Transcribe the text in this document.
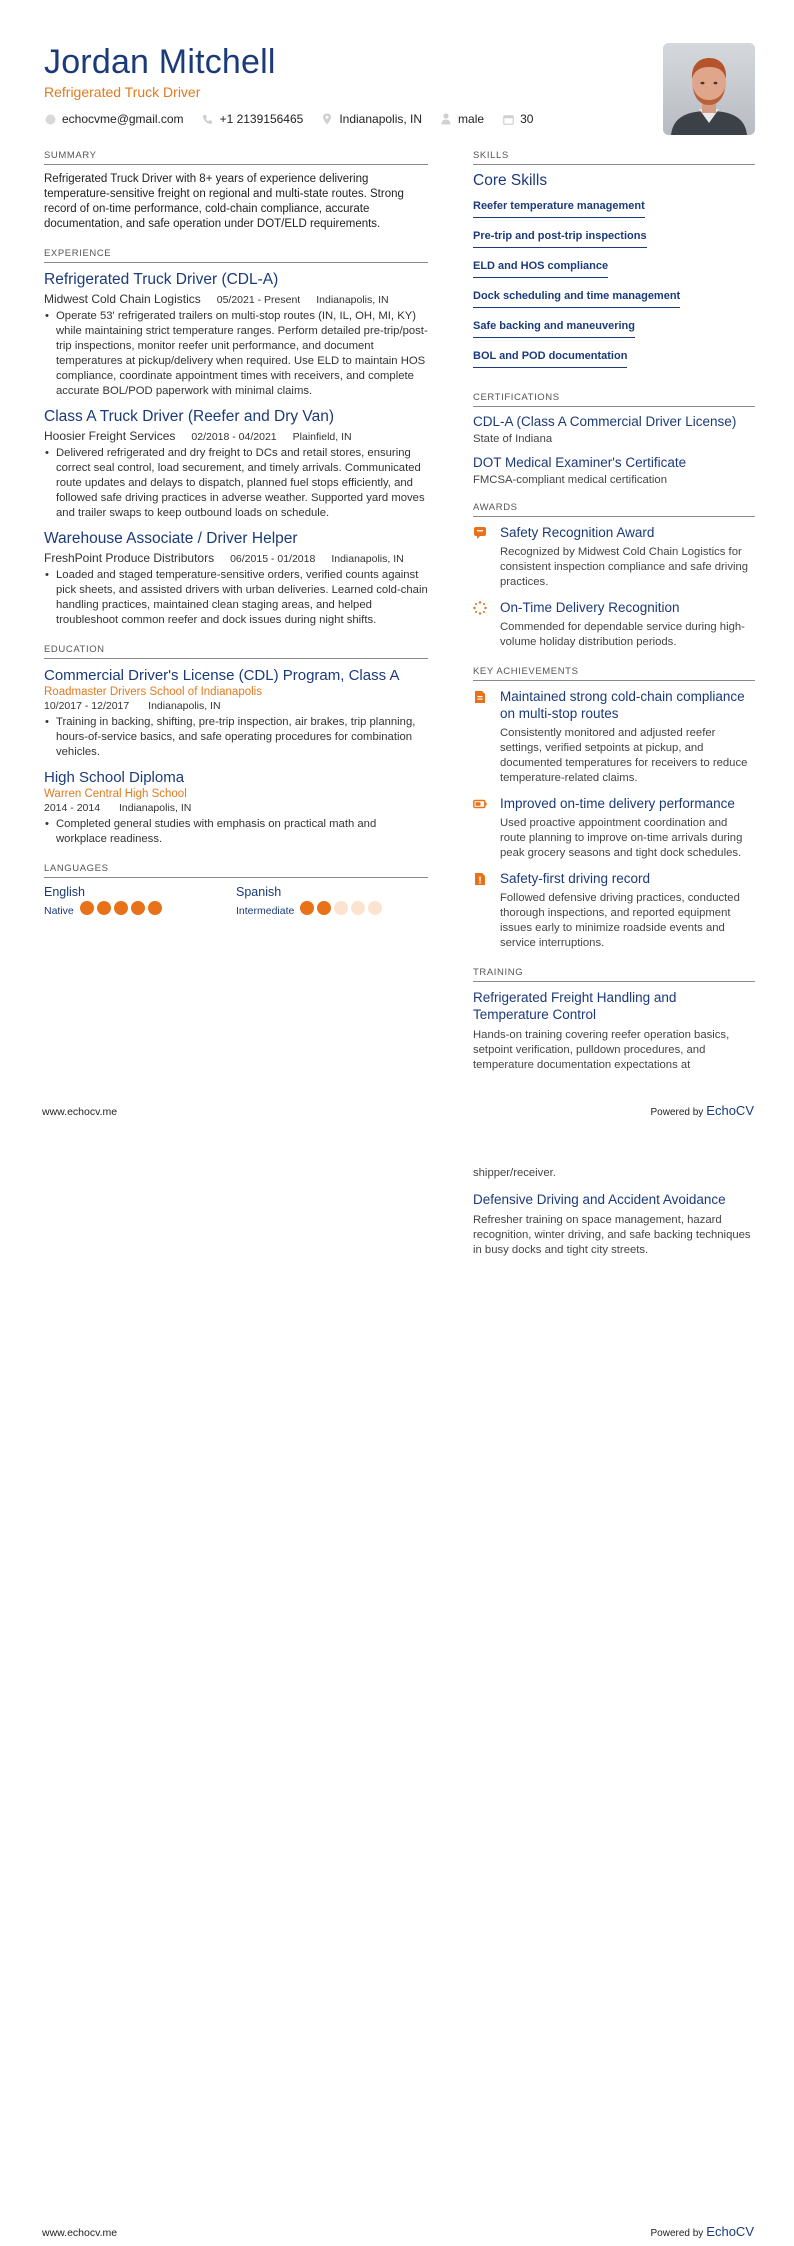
Jordan Mitchell
Refrigerated Truck Driver
echocvme@gmail.com	+1 2139156465	Indianapolis, IN	male	30
SUMMARY

Refrigerated Truck Driver with 8+ years of experience delivering temperature-sensitive freight on regional and multi-state routes. Strong record of on-time performance, cold-chain compliance, accurate documentation, and safe operation under DOT/ELD requirements.

EXPERIENCE
Refrigerated Truck Driver (CDL-A)
Midwest Cold Chain Logistics 05/2021 - Present Indianapolis, IN
• Operate 53' refrigerated trailers on multi-stop routes (IN, IL, OH, MI, KY) while maintaining strict temperature ranges. Perform detailed pre-trip/post-trip inspections, monitor reefer unit performance, and document temperatures at pickup/delivery when required. Use ELD to maintain HOS compliance, coordinate appointment times with receivers, and complete accurate BOL/POD paperwork with minimal claims.
Class A Truck Driver (Reefer and Dry Van)
Hoosier Freight Services 02/2018 - 04/2021 Plainfield, IN
• Delivered refrigerated and dry freight to DCs and retail stores, ensuring correct seal control, load securement, and timely arrivals. Communicated route updates and delays to dispatch, planned fuel stops efficiently, and followed safe driving practices in adverse weather. Supported yard moves and trailer swaps to keep outbound loads on schedule.
Warehouse Associate / Driver Helper
FreshPoint Produce Distributors 06/2015 - 01/2018 Indianapolis, IN
• Loaded and staged temperature-sensitive orders, verified counts against pick sheets, and assisted drivers with urban deliveries. Learned cold-chain handling practices, maintained clean staging areas, and helped troubleshoot common reefer and dock issues during night shifts.
EDUCATION
Commercial Driver's License (CDL) Program, Class A
Roadmaster Drivers School of Indianapolis
10/2017 - 12/2017 Indianapolis, IN
• Training in backing, shifting, pre-trip inspection, air brakes, trip planning, hours-of-service basics, and safe operating procedures for combination vehicles.
High School Diploma
Warren Central High School
2014 - 2014 Indianapolis, IN
• Completed general studies with emphasis on practical math and workplace readiness.
LANGUAGES
English
Native
Spanish
Intermediate
SKILLS
Core Skills
Reefer temperature management
Pre-trip and post-trip inspections
ELD and HOS compliance
Dock scheduling and time management
Safe backing and maneuvering
BOL and POD documentation
CERTIFICATIONS
CDL-A (Class A Commercial Driver License)
State of Indiana
DOT Medical Examiner's Certificate
FMCSA-compliant medical certification
AWARDS
Safety Recognition Award
Recognized by Midwest Cold Chain Logistics for consistent inspection compliance and safe driving practices.
On-Time Delivery Recognition
Commended for dependable service during high-volume holiday distribution periods.
KEY ACHIEVEMENTS
Maintained strong cold-chain compliance on multi-stop routes
Consistently monitored and adjusted reefer settings, verified setpoints at pickup, and documented temperatures for receivers to reduce temperature-related claims.
Improved on-time delivery performance
Used proactive appointment coordination and route planning to improve on-time arrivals during peak grocery seasons and tight dock schedules.
Safety-first driving record
Followed defensive driving practices, conducted thorough inspections, and reported equipment issues early to minimize roadside events and service interruptions.
TRAINING
Refrigerated Freight Handling and Temperature Control
Hands-on training covering reefer operation basics, setpoint verification, pulldown procedures, and temperature documentation expectations at
www.echocv.me	Powered by EchoCV
shipper/receiver.
Defensive Driving and Accident Avoidance
Refresher training on space management, hazard recognition, winter driving, and safe backing techniques in busy docks and tight city streets.
www.echocv.me	Powered by EchoCV
